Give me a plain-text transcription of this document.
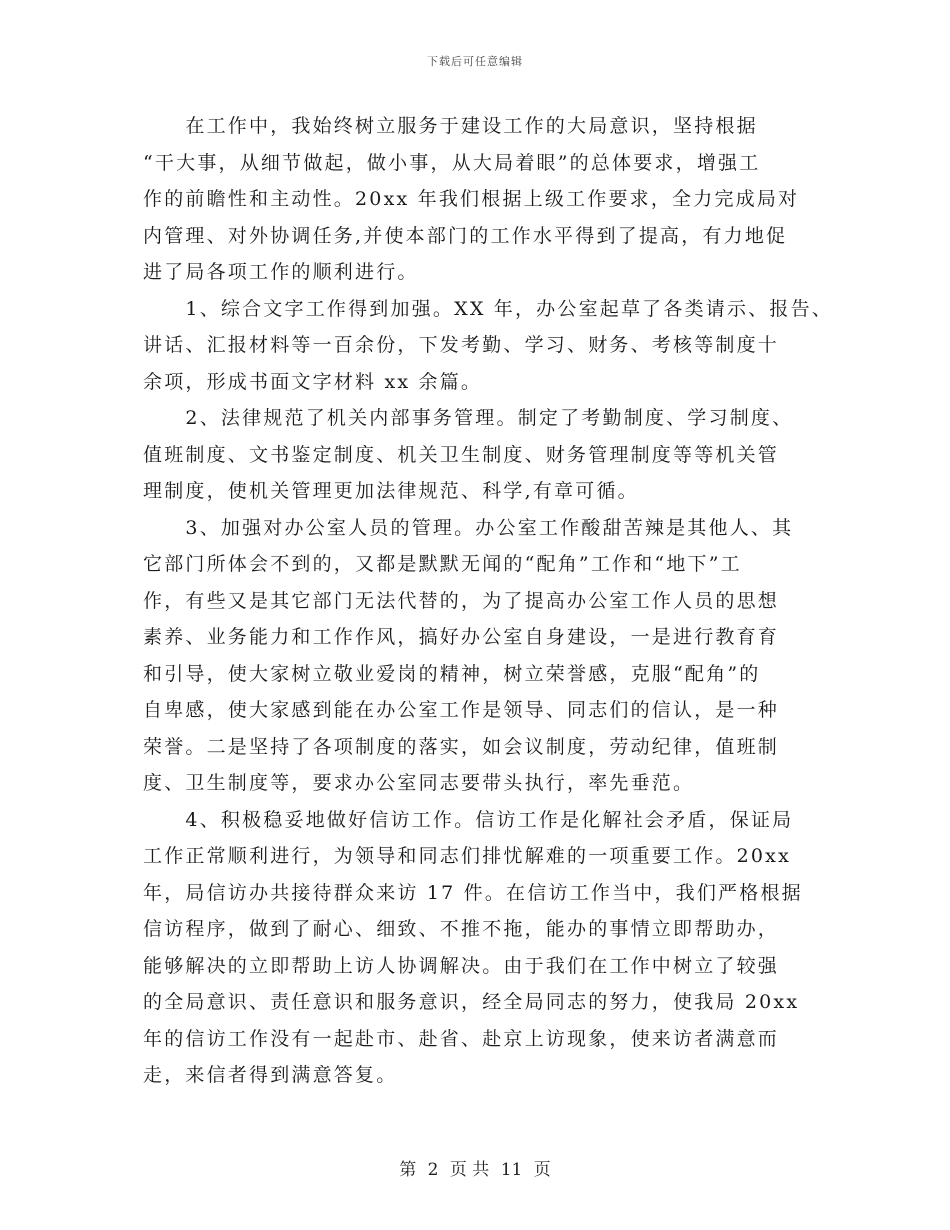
下载后可任意编辑
　　在工作中，我始终树立服务于建设工作的大局意识，坚持根据
“干大事，从细节做起，做小事，从大局着眼”的总体要求，增强工
作的前瞻性和主动性。20xx 年我们根据上级工作要求，全力完成局对
内管理、对外协调任务,并使本部门的工作水平得到了提高，有力地促
进了局各项工作的顺利进行。
　　1、综合文字工作得到加强。XX 年，办公室起草了各类请示、报告、
讲话、汇报材料等一百余份，下发考勤、学习、财务、考核等制度十
余项，形成书面文字材料 xx 余篇。
　　2、法律规范了机关内部事务管理。制定了考勤制度、学习制度、
值班制度、文书鉴定制度、机关卫生制度、财务管理制度等等机关管
理制度，使机关管理更加法律规范、科学,有章可循。
　　3、加强对办公室人员的管理。办公室工作酸甜苦辣是其他人、其
它部门所体会不到的，又都是默默无闻的“配角”工作和“地下”工
作，有些又是其它部门无法代替的，为了提高办公室工作人员的思想
素养、业务能力和工作作风，搞好办公室自身建设，一是进行教育育
和引导，使大家树立敬业爱岗的精神，树立荣誉感，克服“配角”的
自卑感，使大家感到能在办公室工作是领导、同志们的信认，是一种
荣誉。二是坚持了各项制度的落实，如会议制度，劳动纪律，值班制
度、卫生制度等，要求办公室同志要带头执行，率先垂范。
　　4、积极稳妥地做好信访工作。信访工作是化解社会矛盾，保证局
工作正常顺利进行，为领导和同志们排忧解难的一项重要工作。20xx
年，局信访办共接待群众来访 17 件。在信访工作当中，我们严格根据
信访程序，做到了耐心、细致、不推不拖，能办的事情立即帮助办，
能够解决的立即帮助上访人协调解决。由于我们在工作中树立了较强
的全局意识、责任意识和服务意识，经全局同志的努力，使我局 20xx
年的信访工作没有一起赴市、赴省、赴京上访现象，使来访者满意而
走，来信者得到满意答复。
第 2 页 共 11 页
